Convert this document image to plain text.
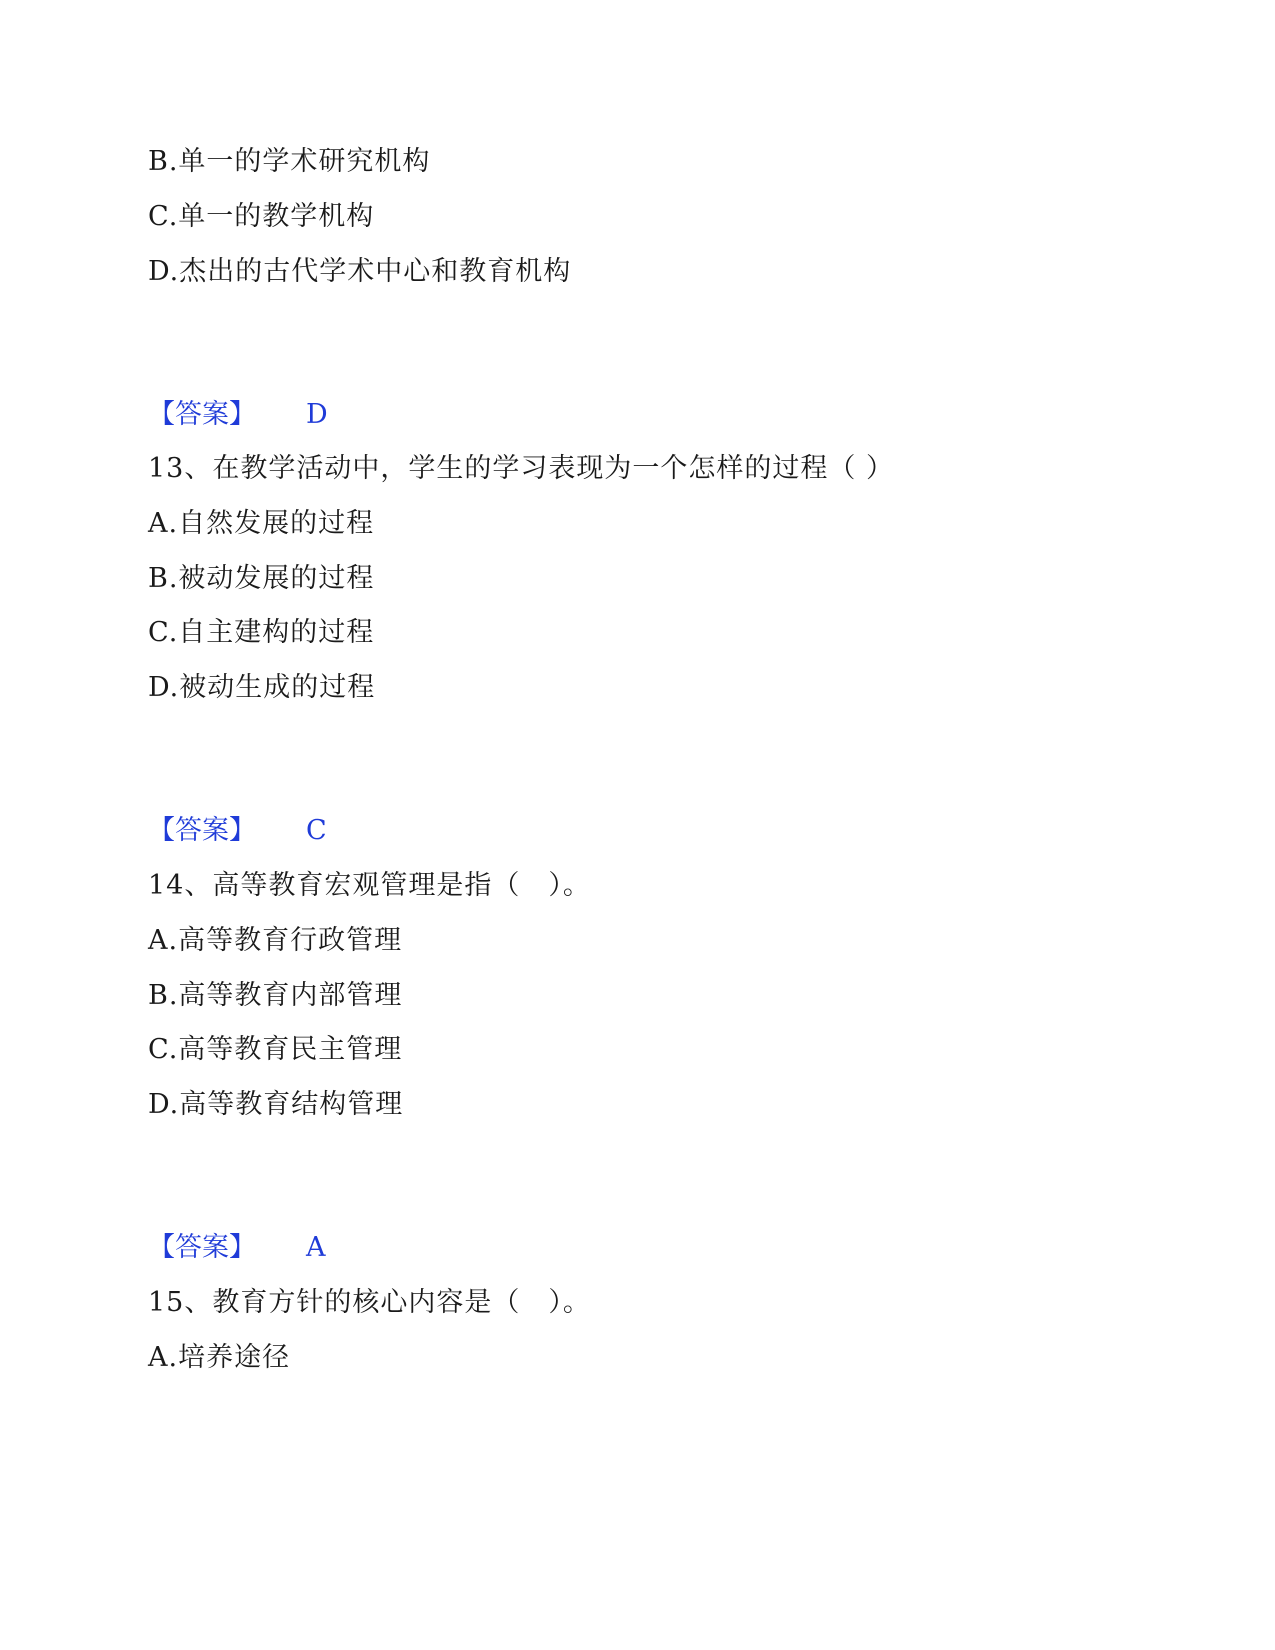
B.单一的学术研究机构
C.单一的教学机构
D.杰出的古代学术中心和教育机构
【答案】 D
13、在教学活动中，学生的学习表现为一个怎样的过程（ ）
A.自然发展的过程
B.被动发展的过程
C.自主建构的过程
D.被动生成的过程
【答案】 C
14、高等教育宏观管理是指（　）。
A.高等教育行政管理
B.高等教育内部管理
C.高等教育民主管理
D.高等教育结构管理
【答案】 A
15、教育方针的核心内容是（　）。
A.培养途径
